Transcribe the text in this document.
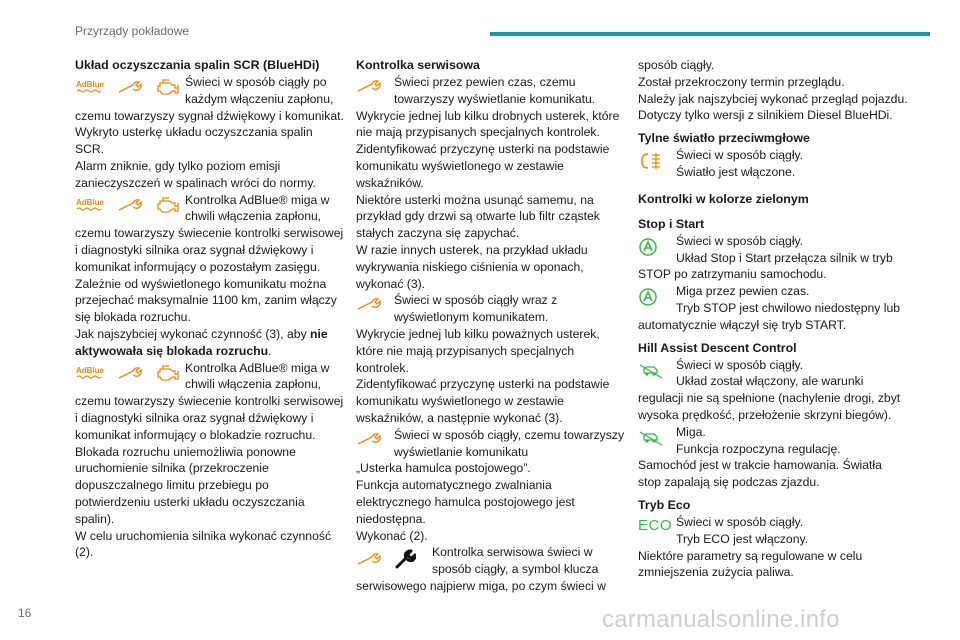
Przyrządy pokładowe

Układ oczyszczania spalin SCR (BlueHDi)

AdBlue	Świeci w sposób ciągły po każdym włączeniu zapłonu,

czemu towarzyszy sygnał dźwiękowy i komunikat.

Wykryto usterkę układu oczyszczania spalin SCR.

Alarm zniknie, gdy tylko poziom emisji zanieczyszczeń w spalinach wróci do normy.

AdBlue	Kontrolka AdBlue® miga w chwili włączenia zapłonu,

czemu towarzyszy świecenie kontrolki serwisowej i diagnostyki silnika oraz sygnał dźwiękowy i komunikat informujący o pozostałym zasięgu.

Zależnie od wyświetlonego komunikatu można przejechać maksymalnie 1100 km, zanim włączy się blokada rozruchu.

Jak najszybciej wykonać czynność (3), aby nie aktywowała się blokada rozruchu.

AdBlue	Kontrolka AdBlue® miga w chwili włączenia zapłonu,

czemu towarzyszy świecenie kontrolki serwisowej i diagnostyki silnika oraz sygnał dźwiękowy i komunikat informujący o blokadzie rozruchu.

Blokada rozruchu uniemożliwia ponowne uruchomienie silnika (przekroczenie dopuszczalnego limitu przebiegu po potwierdzeniu usterki układu oczyszczania spalin).

W celu uruchomienia silnika wykonać czynność (2).

Kontrolka serwisowa

Świeci przez pewien czas, czemu towarzyszy wyświetlanie komunikatu.

Wykrycie jednej lub kilku drobnych usterek, które nie mają przypisanych specjalnych kontrolek.

Zidentyfikować przyczynę usterki na podstawie komunikatu wyświetlonego w zestawie wskaźników.

Niektóre usterki można usunąć samemu, na przykład gdy drzwi są otwarte lub filtr cząstek stałych zaczyna się zapychać.

W razie innych usterek, na przykład układu wykrywania niskiego ciśnienia w oponach, wykonać (3).

Świeci w sposób ciągły wraz z wyświetlonym komunikatem.

Wykrycie jednej lub kilku poważnych usterek, które nie mają przypisanych specjalnych kontrolek.

Zidentyfikować przyczynę usterki na podstawie komunikatu wyświetlonego w zestawie wskaźników, a następnie wykonać (3).

Świeci w sposób ciągły, czemu towarzyszy wyświetlanie komunikatu

„Usterka hamulca postojowego”.

Funkcja automatycznego zwalniania elektrycznego hamulca postojowego jest niedostępna.

Wykonać (2).

Kontrolka serwisowa świeci w sposób ciągły, a symbol klucza

serwisowego najpierw miga, po czym świeci w

sposób ciągły.

Został przekroczony termin przeglądu.

Należy jak najszybciej wykonać przegląd pojazdu.

Dotyczy tylko wersji z silnikiem Diesel BlueHDi.

Tylne światło przeciwmgłowe

Świeci w sposób ciągły.
Światło jest włączone.

Kontrolki w kolorze zielonym

Stop i Start

Świeci w sposób ciągły.
Układ Stop i Start przełącza silnik w tryb

STOP po zatrzymaniu samochodu.

Miga przez pewien czas.
Tryb STOP jest chwilowo niedostępny lub

automatycznie włączył się tryb START.

Hill Assist Descent Control

Świeci w sposób ciągły.
Układ został włączony, ale warunki

regulacji nie są spełnione (nachylenie drogi, zbyt wysoka prędkość, przełożenie skrzyni biegów).

Miga.
Funkcja rozpoczyna regulację.

Samochód jest w trakcie hamowania. Światła stop zapalają się podczas zjazdu.

Tryb Eco

ECO Świeci w sposób ciągły.
Tryb ECO jest włączony.

Niektóre parametry są regulowane w celu zmniejszenia zużycia paliwa.

16	carmanualsonline.info
